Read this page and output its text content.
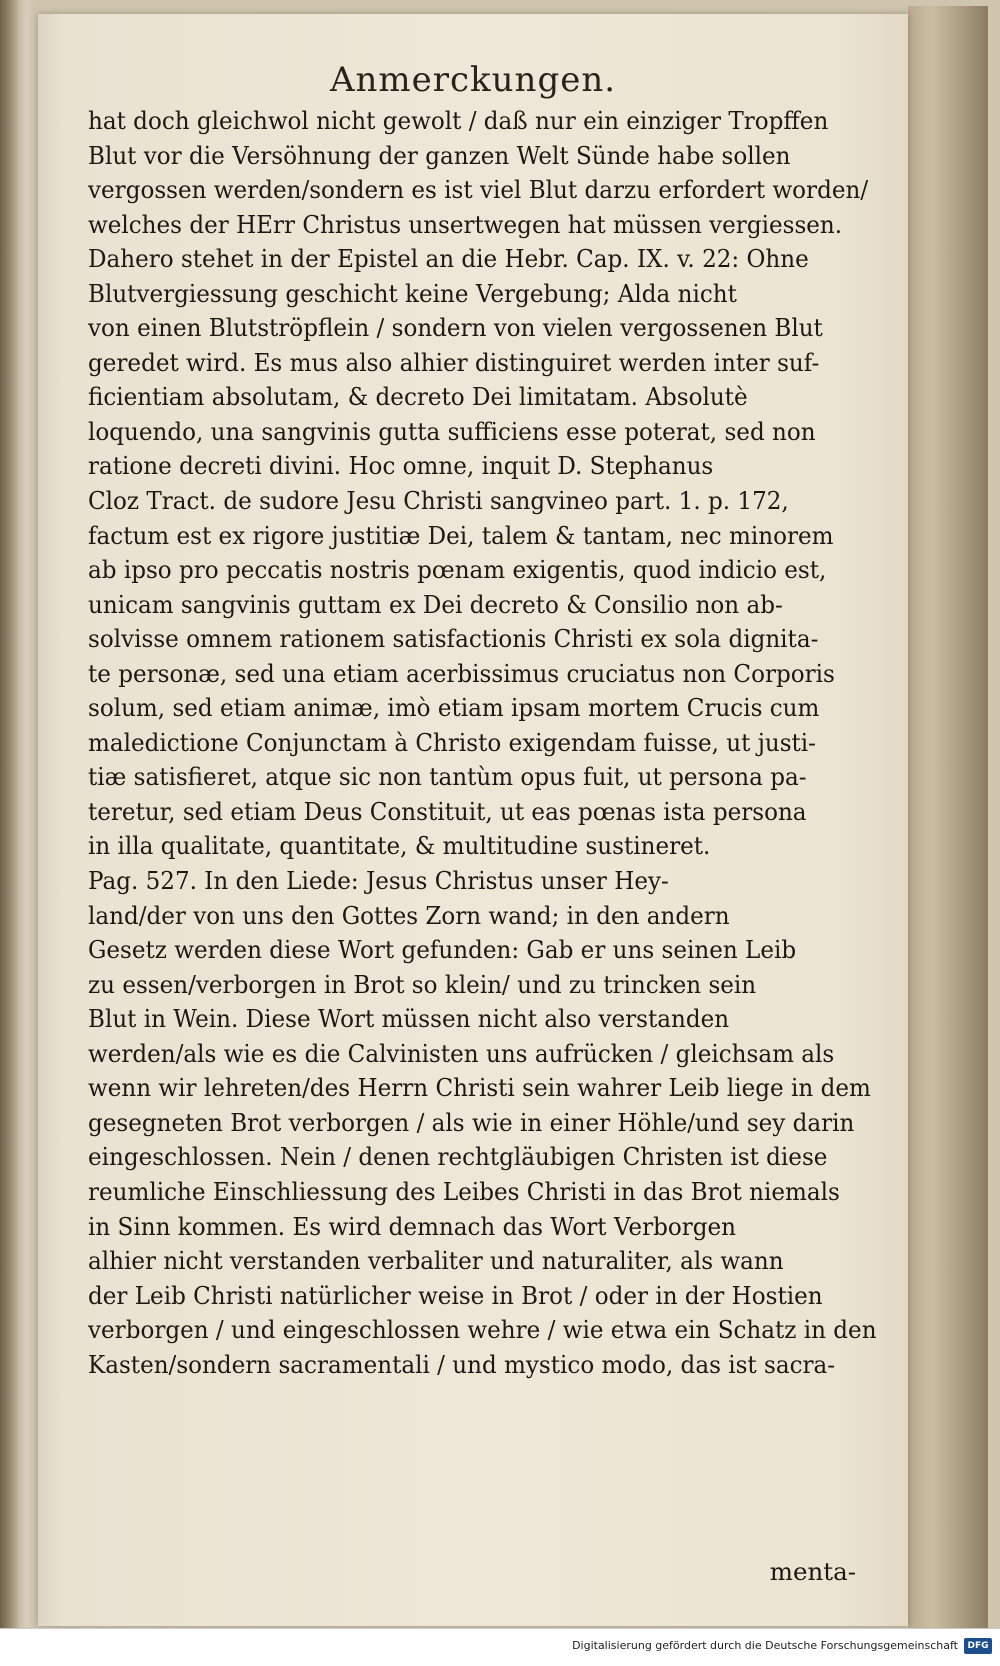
Anmerckungen.
hat doch gleichwol nicht gewolt / daß nur ein einziger Tropffen
Blut vor die Versöhnung der ganzen Welt Sünde habe sollen
vergossen werden/sondern es ist viel Blut darzu erfordert worden/
welches der HErr Christus unsertwegen hat müssen vergiessen.
Dahero stehet in der Epistel an die Hebr. Cap. IX. v. 22: Ohne
Blutvergiessung geschicht keine Vergebung; Alda nicht
von einen Blutströpflein / sondern von vielen vergossenen Blut
geredet wird. Es mus also alhier distinguiret werden inter suf-
ficientiam absolutam, & decreto Dei limitatam. Absolutè
loquendo, una sangvinis gutta sufficiens esse poterat, sed non
ratione decreti divini. Hoc omne, inquit D. Stephanus
Cloz Tract. de sudore Jesu Christi sangvineo part. 1. p. 172,
factum est ex rigore justitiæ Dei, talem & tantam, nec minorem
ab ipso pro peccatis nostris pœnam exigentis, quod indicio est,
unicam sangvinis guttam ex Dei decreto & Consilio non ab-
solvisse omnem rationem satisfactionis Christi ex sola dignita-
te personæ, sed una etiam acerbissimus cruciatus non Corporis
solum, sed etiam animæ, imò etiam ipsam mortem Crucis cum
maledictione Conjunctam à Christo exigendam fuisse, ut justi-
tiæ satisfieret, atque sic non tantùm opus fuit, ut persona pa-
teretur, sed etiam Deus Constituit, ut eas pœnas ista persona
in illa qualitate, quantitate, & multitudine sustineret.
Pag. 527. In den Liede: Jesus Christus unser Hey-
land/der von uns den Gottes Zorn wand; in den andern
Gesetz werden diese Wort gefunden: Gab er uns seinen Leib
zu essen/verborgen in Brot so klein/ und zu trincken sein
Blut in Wein. Diese Wort müssen nicht also verstanden
werden/als wie es die Calvinisten uns aufrücken / gleichsam als
wenn wir lehreten/des Herrn Christi sein wahrer Leib liege in dem
gesegneten Brot verborgen / als wie in einer Höhle/und sey darin
eingeschlossen. Nein / denen rechtgläubigen Christen ist diese
reumliche Einschliessung des Leibes Christi in das Brot niemals
in Sinn kommen. Es wird demnach das Wort Verborgen
alhier nicht verstanden verbaliter und naturaliter, als wann
der Leib Christi natürlicher weise in Brot / oder in der Hostien
verborgen / und eingeschlossen wehre / wie etwa ein Schatz in den
Kasten/sondern sacramentali / und mystico modo, das ist sacra-
menta-
Digitalisierung gefördert durch die Deutsche Forschungsgemeinschaft	DFG
